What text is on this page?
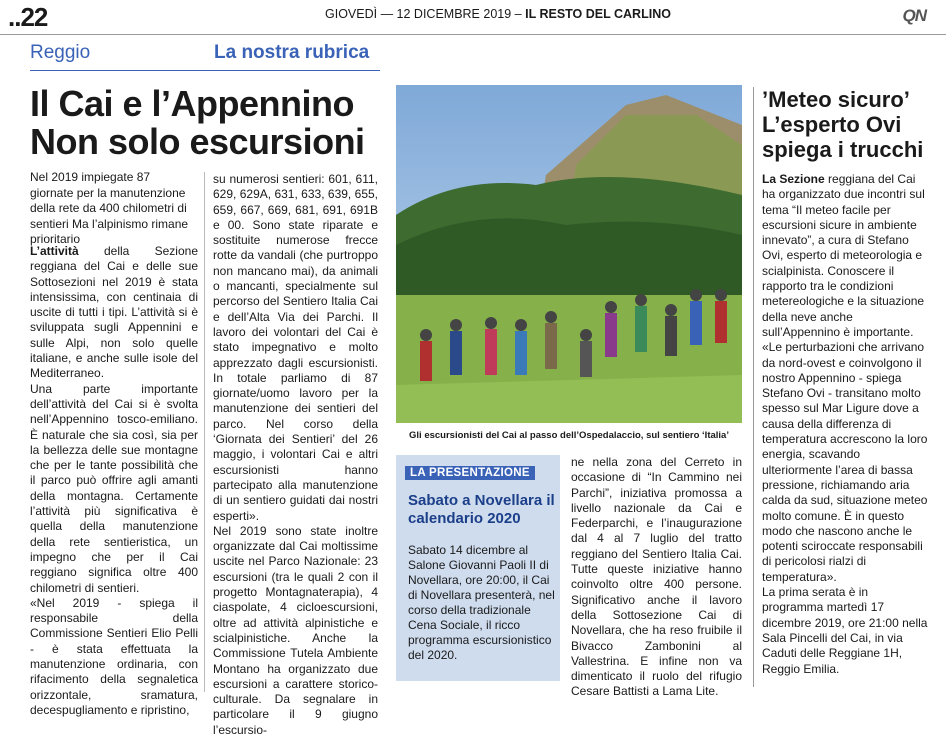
..22	GIOVEDÌ — 12 DICEMBRE 2019 – IL RESTO DEL CARLINO	QN
Reggio	La nostra rubrica
Il Cai e l’Appennino Non solo escursioni
Nel 2019 impiegate 87 giornate per la manutenzione della rete da 400 chilometri di sentieri Ma l’alpinismo rimane prioritario

L’attività della Sezione reggiana del Cai e delle sue Sottosezioni nel 2019 è stata intensissima, con centinaia di uscite di tutti i tipi. L’attività si è sviluppata sugli Appennini e sulle Alpi, non solo quelle italiane, e anche sulle isole del Mediterraneo.

Una parte importante dell’attività del Cai si è svolta nell’Appennino tosco-emiliano. È naturale che sia così, sia per la bellezza delle sue montagne che per le tante possibilità che il parco può offrire agli amanti della montagna. Certamente l’attività più significativa è quella della manutenzione della rete sentieristica, un impegno che per il Cai reggiano significa oltre 400 chilometri di sentieri.

«Nel 2019 - spiega il responsabile della Commissione Sentieri Elio Pelli - è stata effettuata la manutenzione ordinaria, con rifacimento della segnaletica orizzontale, sramatura, decespugliamento e ripristino,

su numerosi sentieri: 601, 611, 629, 629A, 631, 633, 639, 655, 659, 667, 669, 681, 691, 691B e 00. Sono state riparate e sostituite numerose frecce rotte da vandali (che purtroppo non mancano mai), da animali o mancanti, specialmente sul percorso del Sentiero Italia Cai e dell’Alta Via dei Parchi. Il lavoro dei volontari del Cai è stato impegnativo e molto apprezzato dagli escursionisti. In totale parliamo di 87 giornate/uomo lavoro per la manutenzione dei sentieri del parco. Nel corso della ‘Giornata dei Sentieri’ del 26 maggio, i volontari Cai e altri escursionisti hanno partecipato alla manutenzione di un sentiero guidati dai nostri esperti».

Nel 2019 sono state inoltre organizzate dal Cai moltissime uscite nel Parco Nazionale: 23 escursioni (tra le quali 2 con il progetto Montagnaterapia), 4 ciaspolate, 4 cicloescursioni, oltre ad attività alpinistiche e scialpinistiche. Anche la Commissione Tutela Ambiente Montano ha organizzato due escursioni a carattere storico-culturale. Da segnalare in particolare il 9 giugno l’escursio-

Gli escursionisti del Cai al passo dell’Ospedalaccio, sul sentiero ‘Italia’
LA PRESENTAZIONE
Sabato a Novellara il calendario 2020
Sabato 14 dicembre al Salone Giovanni Paoli II di Novellara, ore 20:00, il Cai di Novellara presenterà, nel corso della tradizionale Cena Sociale, il ricco programma escursionistico del 2020.
ne nella zona del Cerreto in occasione di “In Cammino nei Parchi”, iniziativa promossa a livello nazionale da Cai e Federparchi, e l’inaugurazione dal 4 al 7 luglio del tratto reggiano del Sentiero Italia Cai. Tutte queste iniziative hanno coinvolto oltre 400 persone. Significativo anche il lavoro della Sottosezione Cai di Novellara, che ha reso fruibile il Bivacco Zambonini al Vallestrina. E infine non va dimenticato il ruolo del rifugio Cesare Battisti a Lama Lite.
’Meteo sicuro’ L’esperto Ovi spiega i trucchi

La Sezione reggiana del Cai ha organizzato due incontri sul tema “Il meteo facile per escursioni sicure in ambiente innevato”, a cura di Stefano Ovi, esperto di meteorologia e scialpinista. Conoscere il rapporto tra le condizioni metereologiche e la situazione della neve anche sull’Appennino è importante.

«Le perturbazioni che arrivano da nord-ovest e coinvolgono il nostro Appennino - spiega Stefano Ovi - transitano molto spesso sul Mar Ligure dove a causa della differenza di temperatura accrescono la loro energia, scavando ulteriormente l’area di bassa pressione, richiamando aria calda da sud, situazione meteo molto comune. È in questo modo che nascono anche le potenti sciroccate responsabili di pericolosi rialzi di temperatura».

La prima serata è in programma martedì 17 dicembre 2019, ore 21:00 nella Sala Pincelli del Cai, in via Caduti delle Reggiane 1H, Reggio Emilia.
